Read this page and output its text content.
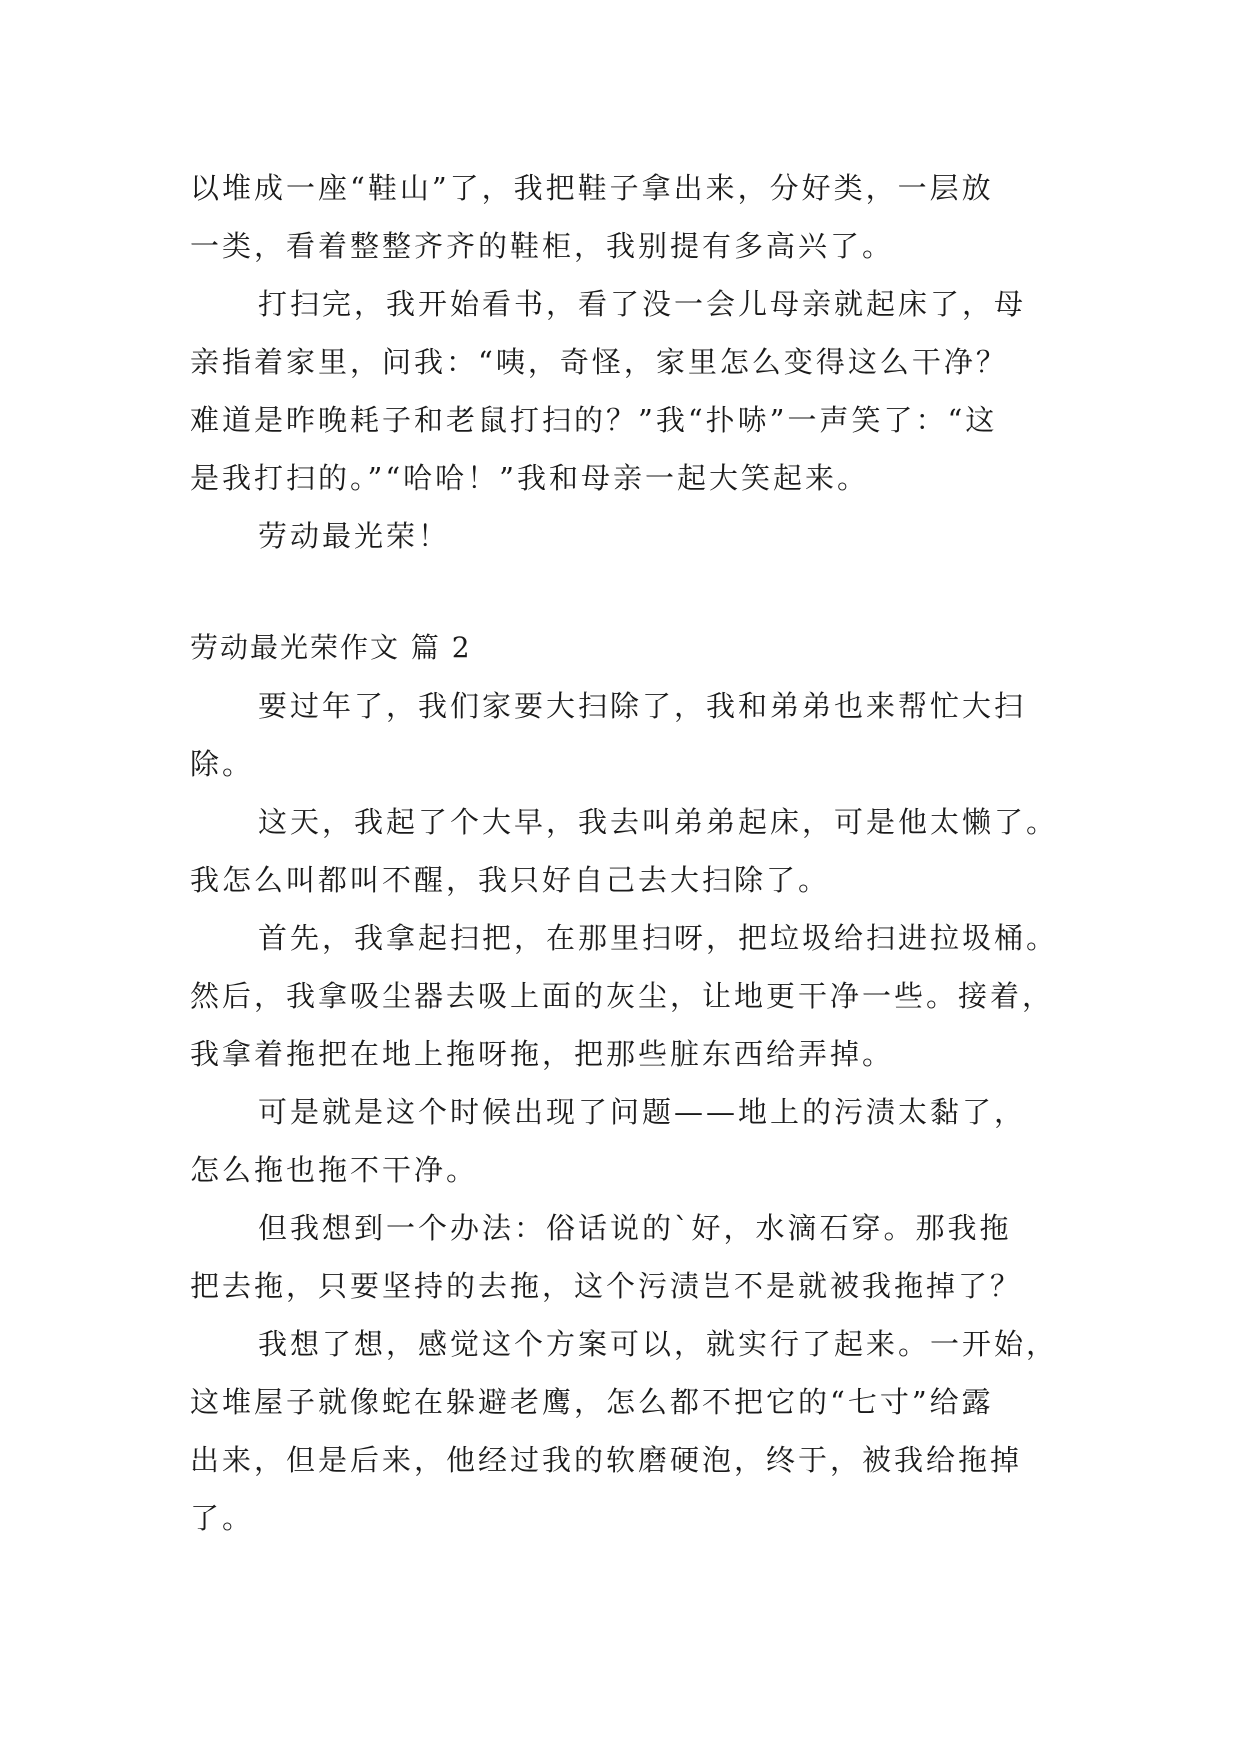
以堆成一座“鞋山”了，我把鞋子拿出来，分好类，一层放
一类，看着整整齐齐的鞋柜，我别提有多高兴了。
打扫完，我开始看书，看了没一会儿母亲就起床了，母
亲指着家里，问我：“咦，奇怪，家里怎么变得这么干净？
难道是昨晚耗子和老鼠打扫的？”我“扑哧”一声笑了：“这
是我打扫的。”“哈哈！”我和母亲一起大笑起来。
劳动最光荣！
劳动最光荣作文 篇 2
要过年了，我们家要大扫除了，我和弟弟也来帮忙大扫
除。
这天，我起了个大早，我去叫弟弟起床，可是他太懒了。
我怎么叫都叫不醒，我只好自己去大扫除了。
首先，我拿起扫把，在那里扫呀，把垃圾给扫进拉圾桶。
然后，我拿吸尘器去吸上面的灰尘，让地更干净一些。接着，
我拿着拖把在地上拖呀拖，把那些脏东西给弄掉。
可是就是这个时候出现了问题——地上的污渍太黏了，
怎么拖也拖不干净。
但我想到一个办法：俗话说的`好，水滴石穿。那我拖
把去拖，只要坚持的去拖，这个污渍岂不是就被我拖掉了？
我想了想，感觉这个方案可以，就实行了起来。一开始，
这堆屋子就像蛇在躲避老鹰，怎么都不把它的“七寸”给露
出来，但是后来，他经过我的软磨硬泡，终于，被我给拖掉
了。
